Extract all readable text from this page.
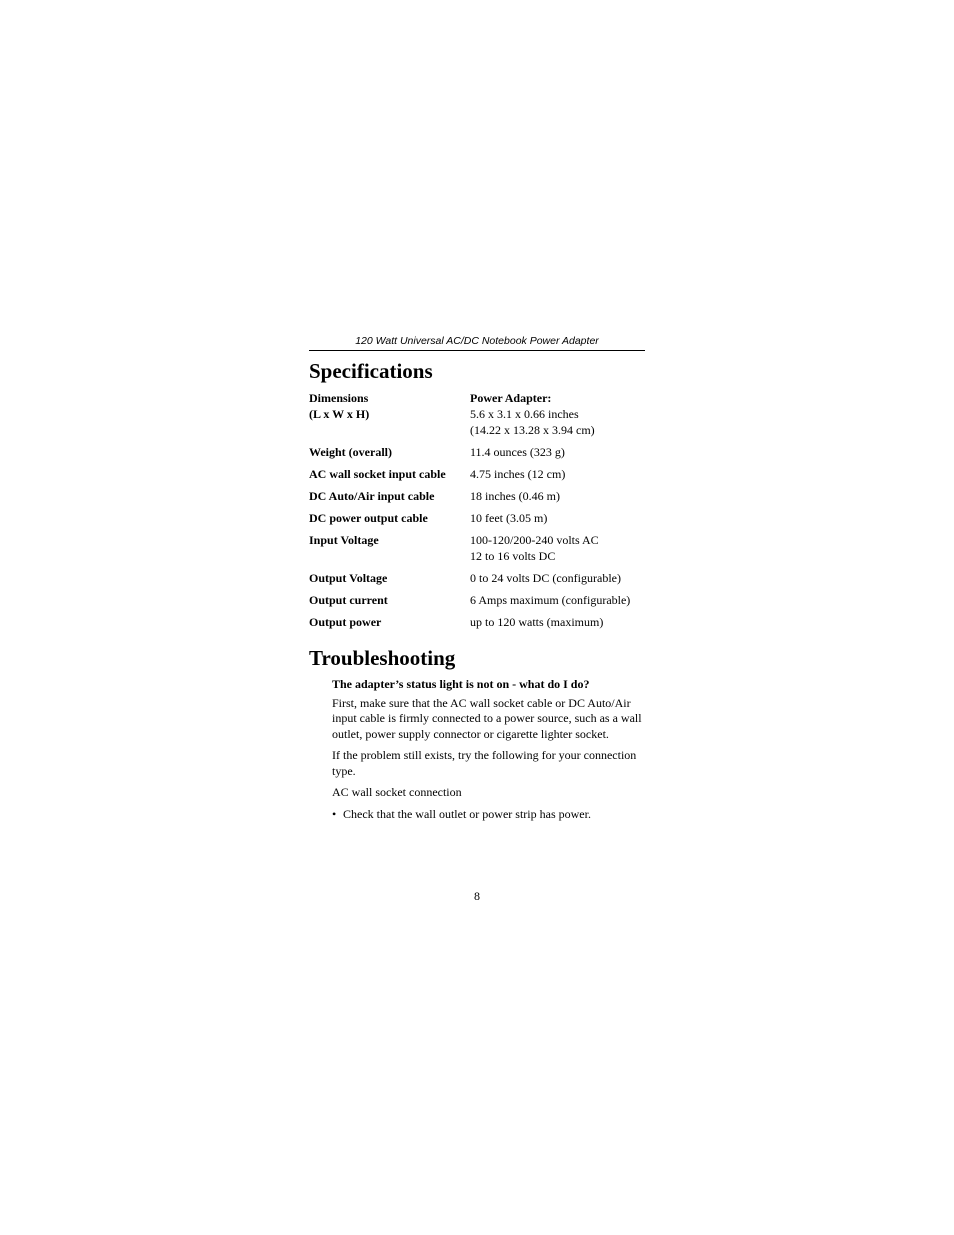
120 Watt Universal AC/DC Notebook Power Adapter
Specifications
Dimensions	Power Adapter:
(L x W x H)	5.6 x 3.1 x 0.66 inches
	(14.22 x 13.28 x 3.94 cm)
Weight (overall)	11.4 ounces (323 g)
AC wall socket input cable	4.75 inches (12 cm)
DC Auto/Air input cable	18 inches (0.46 m)
DC power output cable	10 feet (3.05 m)
Input Voltage	100-120/200-240 volts AC
	12 to 16 volts DC
Output Voltage	0 to 24 volts DC (configurable)
Output current	6 Amps maximum (configurable)
Output power	up to 120 watts (maximum)
Troubleshooting

The adapter’s status light is not on - what do I do?

First, make sure that the AC wall socket cable or DC Auto/Air input cable is firmly connected to a power source, such as a wall outlet, power supply connector or cigarette lighter socket.

If the problem still exists, try the following for your connection type.

AC wall socket connection

• Check that the wall outlet or power strip has power.
8
